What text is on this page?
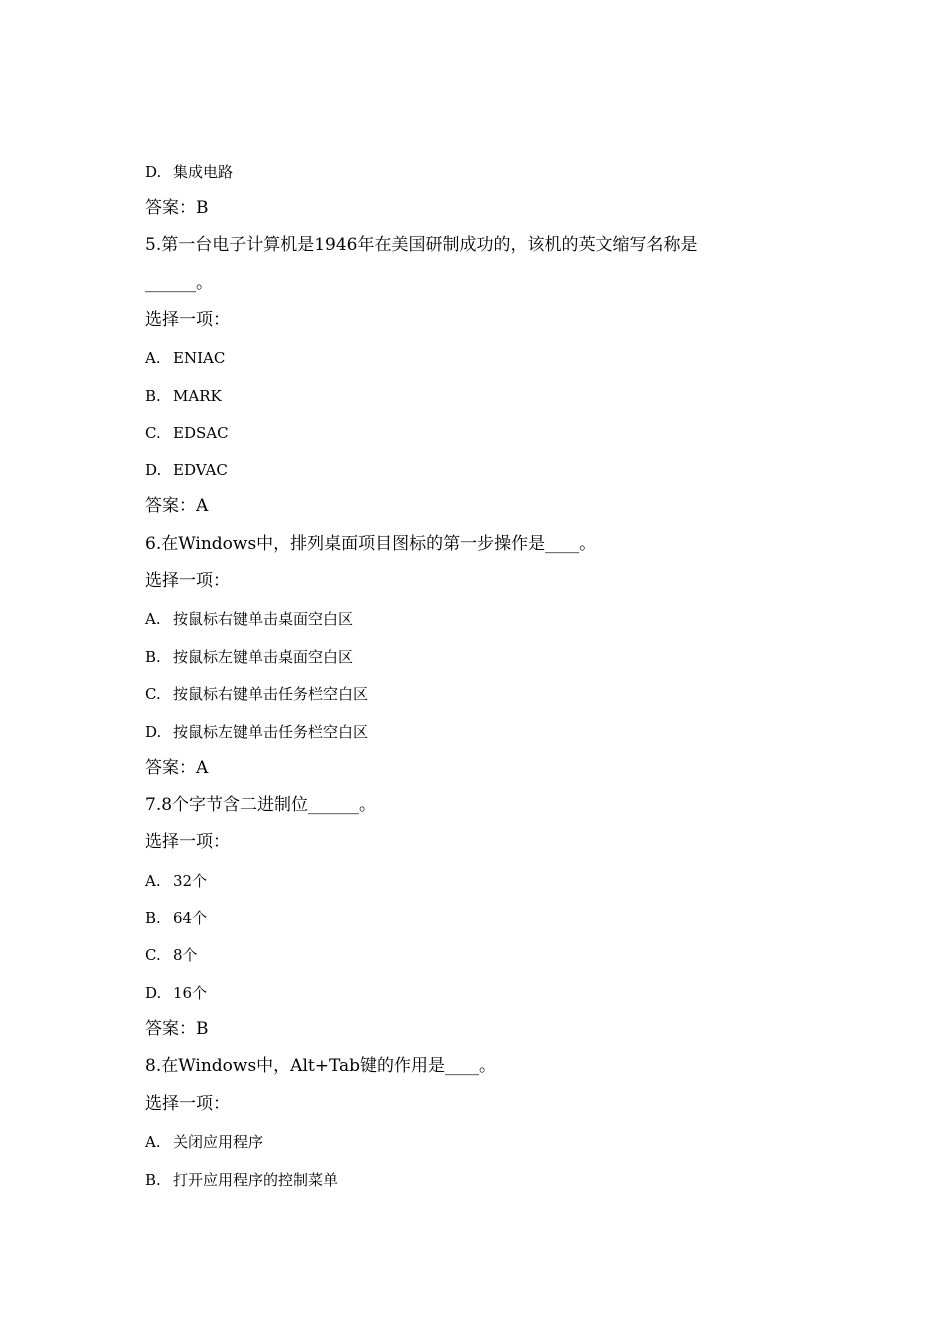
D. 集成电路
答案：B
5.第一台电子计算机是1946年在美国研制成功的，该机的英文缩写名称是
______。
选择一项：
A. ENIAC
B. MARK
C. EDSAC
D. EDVAC
答案：A
6.在Windows中，排列桌面项目图标的第一步操作是____。
选择一项：
A. 按鼠标右键单击桌面空白区
B. 按鼠标左键单击桌面空白区
C. 按鼠标右键单击任务栏空白区
D. 按鼠标左键单击任务栏空白区
答案：A
7.8个字节含二进制位______。
选择一项：
A. 32个
B. 64个
C. 8个
D. 16个
答案：B
8.在Windows中，Alt+Tab键的作用是____。
选择一项：
A. 关闭应用程序
B. 打开应用程序的控制菜单
